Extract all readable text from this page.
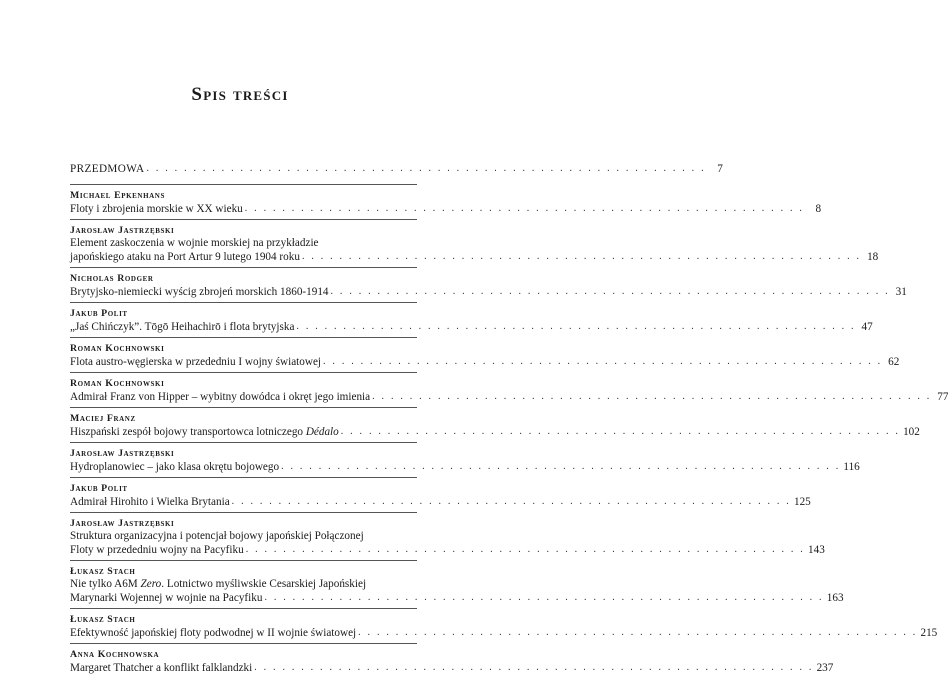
Spis treści
PRZEDMOWA . . . . . . . . . . . . . . . . . . . . . . . . . . . . . . . . . . . . . . . . . . . . . . . . . . . . . . . . . . . .	7
Michael Epkenhans
Floty i zbrojenia morskie w XX wieku . . . . . . . . . . . . . . . . . . . . . . . . . . . . . . . . . . . . . . . . . . . . . . . . . . . . . . . . . . . .	8
Jarosław Jastrzębski
Element zaskoczenia w wojnie morskiej na przykładzie
japońskiego ataku na Port Artur 9 lutego 1904 roku . . . . . . . . . . . . . . . . . . . . . . . . . . . . . . . . . . . . . . . . . . . . . . . . . . . . . . . . . . . . 18
Nicholas Rodger
Brytyjsko-niemiecki wyścig zbrojeń morskich 1860-1914 . . . . . . . . . . . . . . . . . . . . . . . . . . . . . . . . . . . . . . . . . . . . . . . . . . . . . . . . . . . . 31
Jakub Polit
„Jaś Chińczyk”. Tōgō Heihachirō i flota brytyjska . . . . . . . . . . . . . . . . . . . . . . . . . . . . . . . . . . . . . . . . . . . . . . . . . . . . . . . . . . . . 47
Roman Kochnowski
Flota austro-węgierska w przededniu I wojny światowej . . . . . . . . . . . . . . . . . . . . . . . . . . . . . . . . . . . . . . . . . . . . . . . . . . . . . . . . . . . . 62
Roman Kochnowski
Admirał Franz von Hipper – wybitny dowódca i okręt jego imienia . . . . . . . . . . . . . . . . . . . . . . . . . . . . . . . . . . . . . . . . . . . . . . . . . . . . . . . . . . . . 77
Maciej Franz
Hiszpański zespół bojowy transportowca lotniczego Dédalo . . . . . . . . . . . . . . . . . . . . . . . . . . . . . . . . . . . . . . . . . . . . . . . . . . . . . . . . . . . . 102
Jarosław Jastrzębski
Hydroplanowiec – jako klasa okrętu bojowego . . . . . . . . . . . . . . . . . . . . . . . . . . . . . . . . . . . . . . . . . . . . . . . . . . . . . . . . . . . . 116
Jakub Polit
Admirał Hirohito i Wielka Brytania . . . . . . . . . . . . . . . . . . . . . . . . . . . . . . . . . . . . . . . . . . . . . . . . . . . . . . . . . . . . 125
Jarosław Jastrzębski
Struktura organizacyjna i potencjał bojowy japońskiej Połączonej
Floty w przededniu wojny na Pacyfiku . . . . . . . . . . . . . . . . . . . . . . . . . . . . . . . . . . . . . . . . . . . . . . . . . . . . . . . . . . . . 143
Łukasz Stach
Nie tylko A6M Zero. Lotnictwo myśliwskie Cesarskiej Japońskiej
Marynarki Wojennej w wojnie na Pacyfiku . . . . . . . . . . . . . . . . . . . . . . . . . . . . . . . . . . . . . . . . . . . . . . . . . . . . . . . . . . . . 163
Łukasz Stach
Efektywność japońskiej floty podwodnej w II wojnie światowej . . . . . . . . . . . . . . . . . . . . . . . . . . . . . . . . . . . . . . . . . . . . . . . . . . . . . . . . . . . . 215
Anna Kochnowska
Margaret Thatcher a konflikt falklandzki . . . . . . . . . . . . . . . . . . . . . . . . . . . . . . . . . . . . . . . . . . . . . . . . . . . . . . . . . . . . 237
